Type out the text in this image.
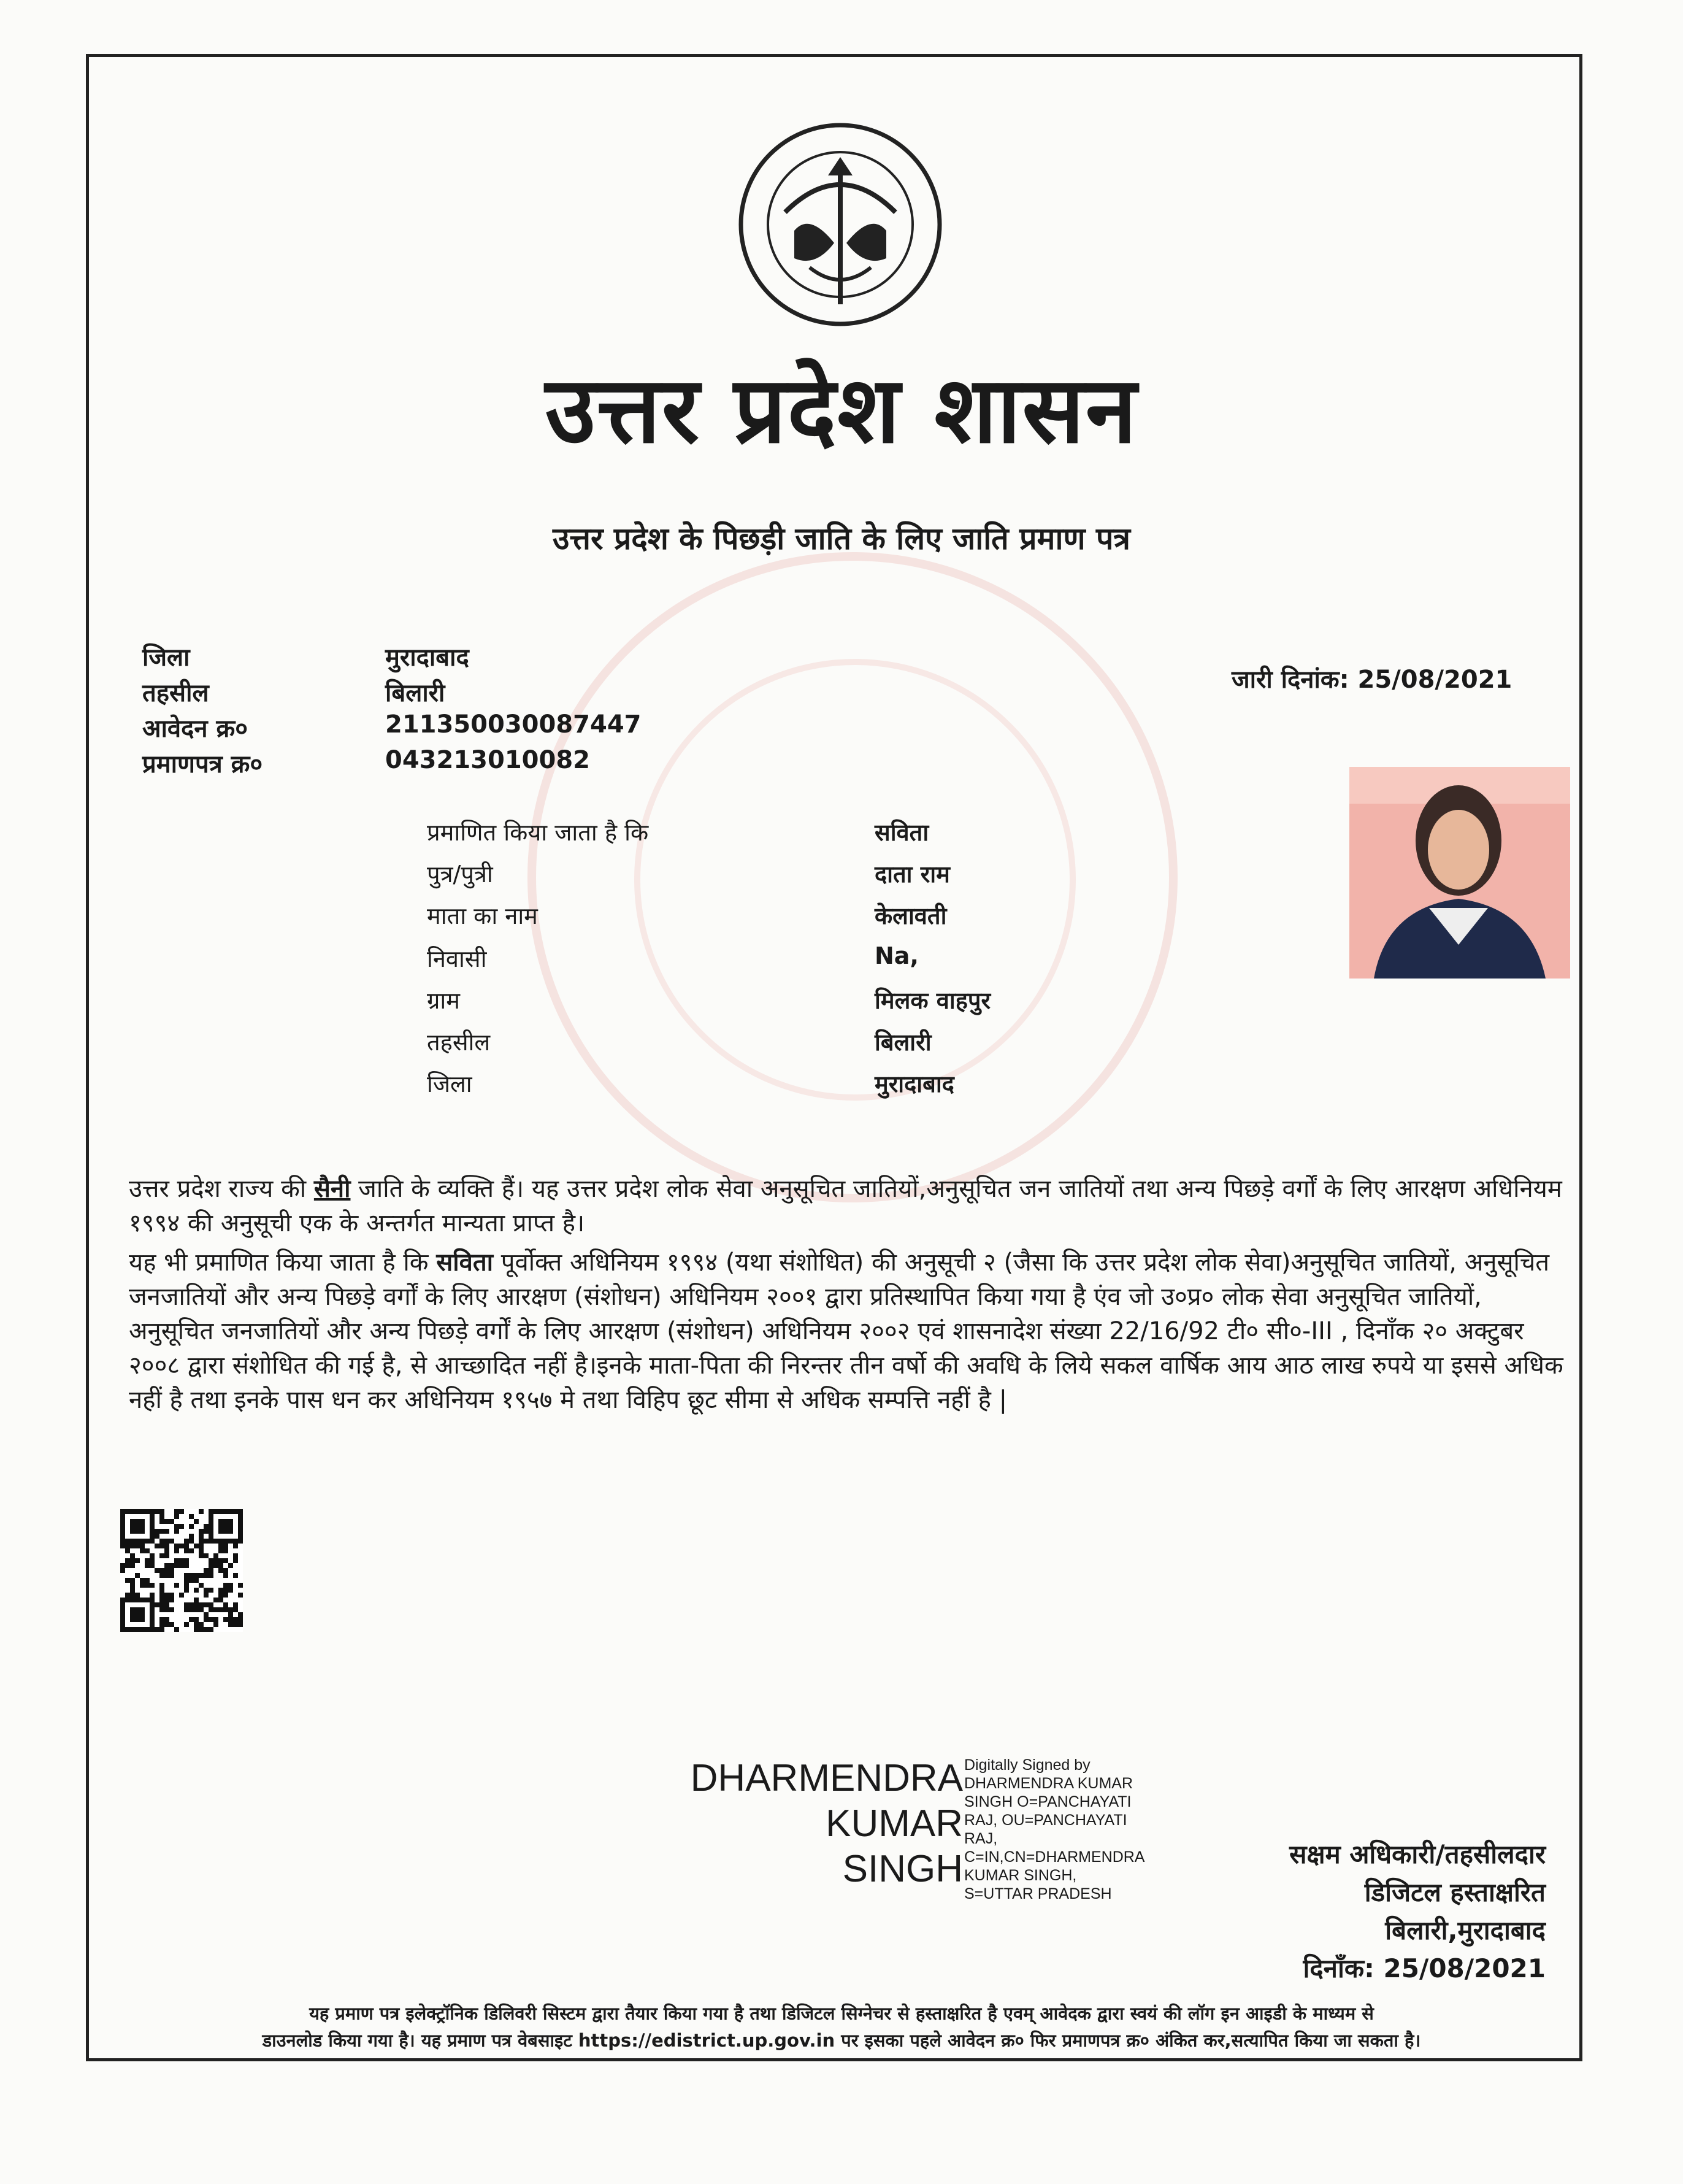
उत्तर प्रदेश शासन
उत्तर प्रदेश के पिछड़ी जाति के लिए जाति प्रमाण पत्र
जिला	मुरादाबाद
तहसील	बिलारी
आवेदन क्र०	211350030087447
प्रमाणपत्र क्र०	043213010082
जारी दिनांक: 25/08/2021
प्रमाणित किया जाता है कि	सविता
पुत्र/पुत्री	दाता राम
माता का नाम	केलावती
निवासी	Na,
ग्राम	मिलक वाहपुर
तहसील	बिलारी
जिला	मुरादाबाद
उत्तर प्रदेश राज्य की सैनी जाति के व्यक्ति हैं। यह उत्तर प्रदेश लोक सेवा अनुसूचित जातियों,अनुसूचित जन जातियों तथा अन्य पिछड़े वर्गों के लिए आरक्षण अधिनियम १९९४ की अनुसूची एक के अन्तर्गत मान्यता प्राप्त है।
यह भी प्रमाणित किया जाता है कि सविता पूर्वोक्त अधिनियम १९९४ (यथा संशोधित) की अनुसूची २ (जैसा कि उत्तर प्रदेश लोक सेवा)अनुसूचित जातियों, अनुसूचित जनजातियों और अन्य पिछड़े वर्गों के लिए आरक्षण (संशोधन) अधिनियम २००१ द्वारा प्रतिस्थापित किया गया है एंव जो उ०प्र० लोक सेवा अनुसूचित जातियों, अनुसूचित जनजातियों और अन्य पिछड़े वर्गों के लिए आरक्षण (संशोधन) अधिनियम २००२ एवं शासनादेश संख्या 22/16/92 टी० सी०-III , दिनाँक २० अक्टुबर २००८ द्वारा संशोधित की गई है, से आच्छादित नहीं है।इनके माता-पिता की निरन्तर तीन वर्षो की अवधि के लिये सकल वार्षिक आय आठ लाख रुपये या इससे अधिक नहीं है तथा इनके पास धन कर अधिनियम १९५७ मे तथा विहिप छूट सीमा से अधिक सम्पत्ति नहीं है |
DHARMENDRA
KUMAR
SINGH
Digitally Signed by
DHARMENDRA KUMAR
SINGH O=PANCHAYATI
RAJ, OU=PANCHAYATI
RAJ,
C=IN,CN=DHARMENDRA
KUMAR SINGH,
S=UTTAR PRADESH
सक्षम अधिकारी/तहसीलदार
डिजिटल हस्ताक्षरित
बिलारी,मुरादाबाद
दिनाँक: 25/08/2021
यह प्रमाण पत्र इलेक्ट्रॉनिक डिलिवरी सिस्टम द्वारा तैयार किया गया है तथा डिजिटल सिग्नेचर से हस्ताक्षरित है एवम् आवेदक द्वारा स्वयं की लॉग इन आइडी के माध्यम से
डाउनलोड किया गया है। यह प्रमाण पत्र वेबसाइट https://edistrict.up.gov.in पर इसका पहले आवेदन क्र० फिर प्रमाणपत्र क्र० अंकित कर,सत्यापित किया जा सकता है।
